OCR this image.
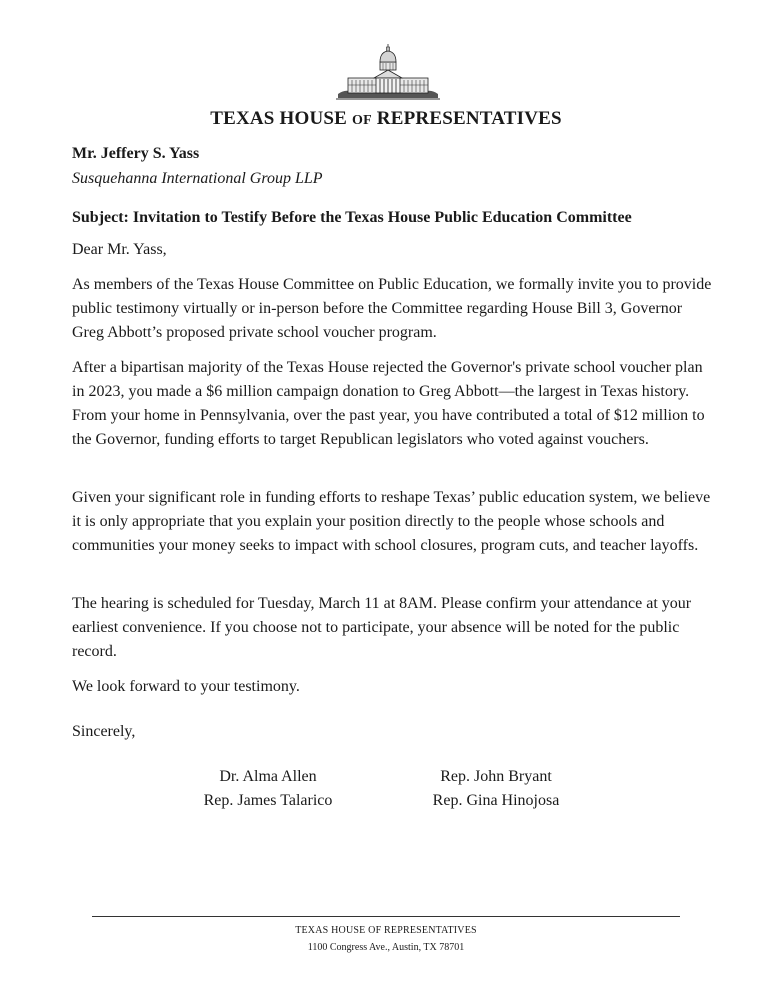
TEXAS HOUSE OF REPRESENTATIVES
Mr. Jeffery S. Yass
Susquehanna International Group LLP
Subject: Invitation to Testify Before the Texas House Public Education Committee

Dear Mr. Yass,

As members of the Texas House Committee on Public Education, we formally invite you to provide public testimony virtually or in-person before the Committee regarding House Bill 3, Governor Greg Abbott’s proposed private school voucher program.

After a bipartisan majority of the Texas House rejected the Governor's private school voucher plan in 2023, you made a $6 million campaign donation to Greg Abbott—the largest in Texas history. From your home in Pennsylvania, over the past year, you have contributed a total of $12 million to the Governor, funding efforts to target Republican legislators who voted against vouchers.

Given your significant role in funding efforts to reshape Texas’ public education system, we believe it is only appropriate that you explain your position directly to the people whose schools and communities your money seeks to impact with school closures, program cuts, and teacher layoffs.

The hearing is scheduled for Tuesday, March 11 at 8AM. Please confirm your attendance at your earliest convenience. If you choose not to participate, your absence will be noted for the public record.

We look forward to your testimony.

Sincerely,

Dr. Alma Allen
Rep. James Talarico
Rep. John Bryant
Rep. Gina Hinojosa
TEXAS HOUSE OF REPRESENTATIVES
1100 Congress Ave., Austin, TX 78701
